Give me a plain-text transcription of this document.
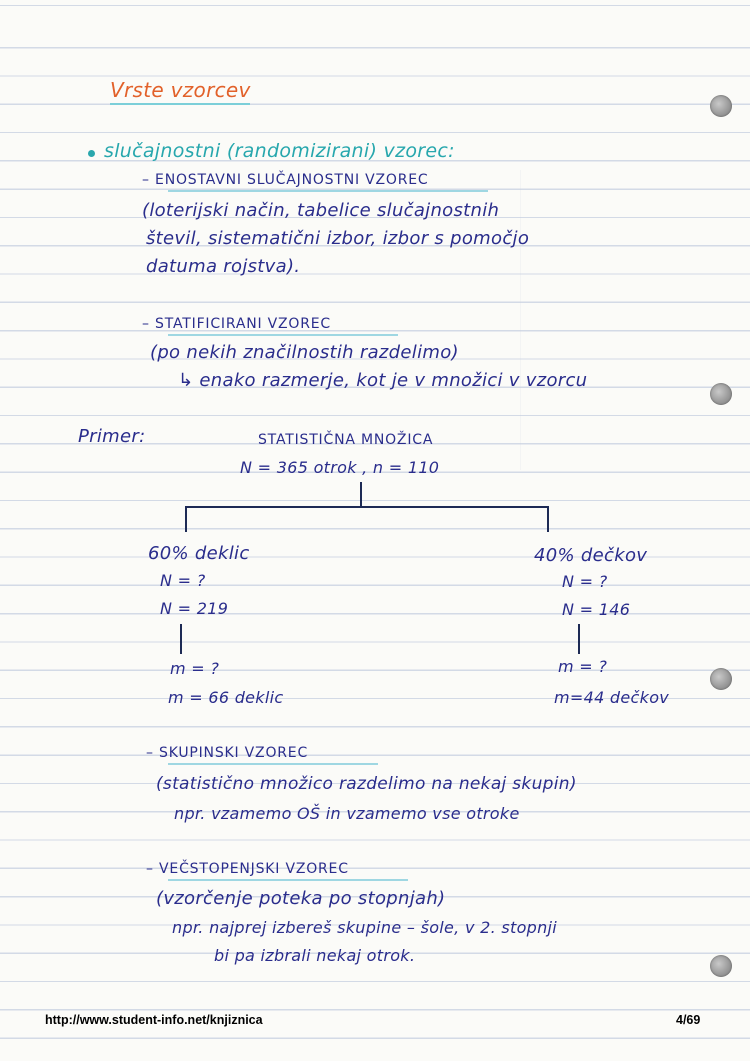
Vrste vzorcev
slučajnostni (randomizirani) vzorec:
– ENOSTAVNI SLUČAJNOSTNI VZOREC
(loterijski način, tabelice slučajnostnih
števil, sistematični izbor, izbor s pomočjo
datuma rojstva).
– STATIFICIRANI VZOREC
(po nekih značilnostih razdelimo)
↳ enako razmerje, kot je v množici v vzorcu
Primer:	STATISTIČNA MNOŽICA
N = 365 otrok , n = 110
60% deklic
N = ?
N = 219
m = ?
m = 66 deklic
40% dečkov
N = ?
N = 146
m = ?
m=44 dečkov
– SKUPINSKI VZOREC
(statistično množico razdelimo na nekaj skupin)
npr. vzamemo OŠ in vzamemo vse otroke
– VEČSTOPENJSKI VZOREC
(vzorčenje poteka po stopnjah)
npr. najprej izbereš skupine – šole, v 2. stopnji
bi pa izbrali nekaj otrok.
http://www.student-info.net/knjiznica	4/69
